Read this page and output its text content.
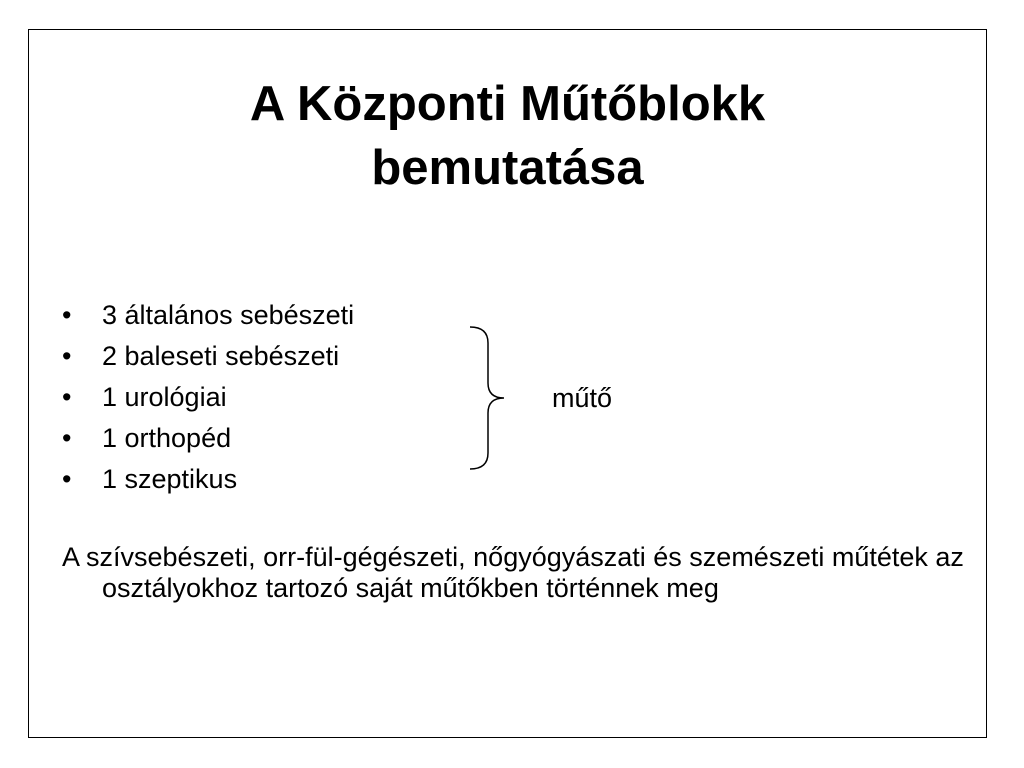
A Központi Műtőblokk
bemutatása
• 3 általános sebészeti
• 2 baleseti sebészeti
• 1 urológiai
• 1 orthopéd
• 1 szeptikus
műtő

A szívsebészeti, orr-fül-gégészeti, nőgyógyászati és szemészeti műtétek az osztályokhoz tartozó saját műtőkben történnek meg
